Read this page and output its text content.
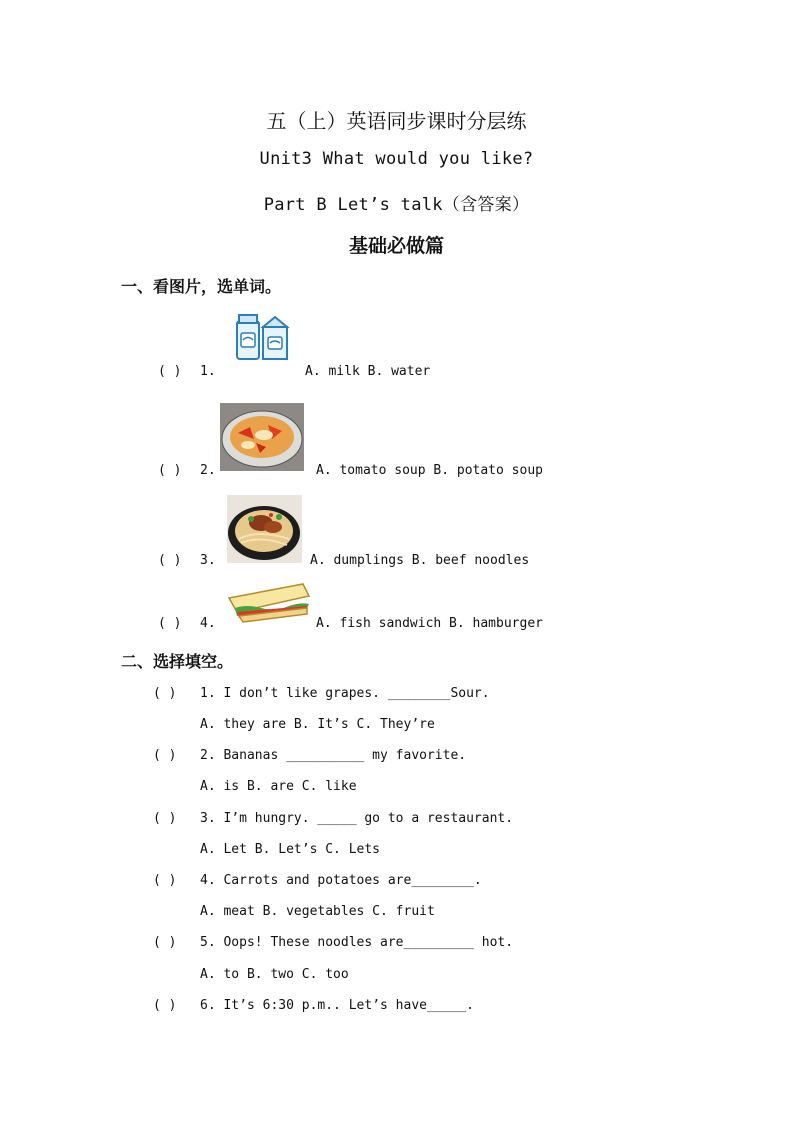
五（上）英语同步课时分层练
Unit3 What would you like?
Part B Let’s talk（含答案）
基础必做篇
一、看图片，选单词。
( ) 1.	A. milk B. water
( ) 2.	A. tomato soup B. potato soup
( ) 3.	A. dumplings B. beef noodles
( ) 4.	A. fish sandwich B. hamburger
二、选择填空。
( ) 1. I don’t like grapes. ________Sour.
A. they are B. It’s C. They’re
( ) 2. Bananas __________ my favorite.
A. is B. are C. like
( ) 3. I’m hungry. _____ go to a restaurant.
A. Let B. Let’s C. Lets
( ) 4. Carrots and potatoes are________.
A. meat B. vegetables C. fruit
( ) 5. Oops! These noodles are_________ hot.
A. to B. two C. too
( ) 6. It’s 6:30 p.m.. Let’s have_____.
